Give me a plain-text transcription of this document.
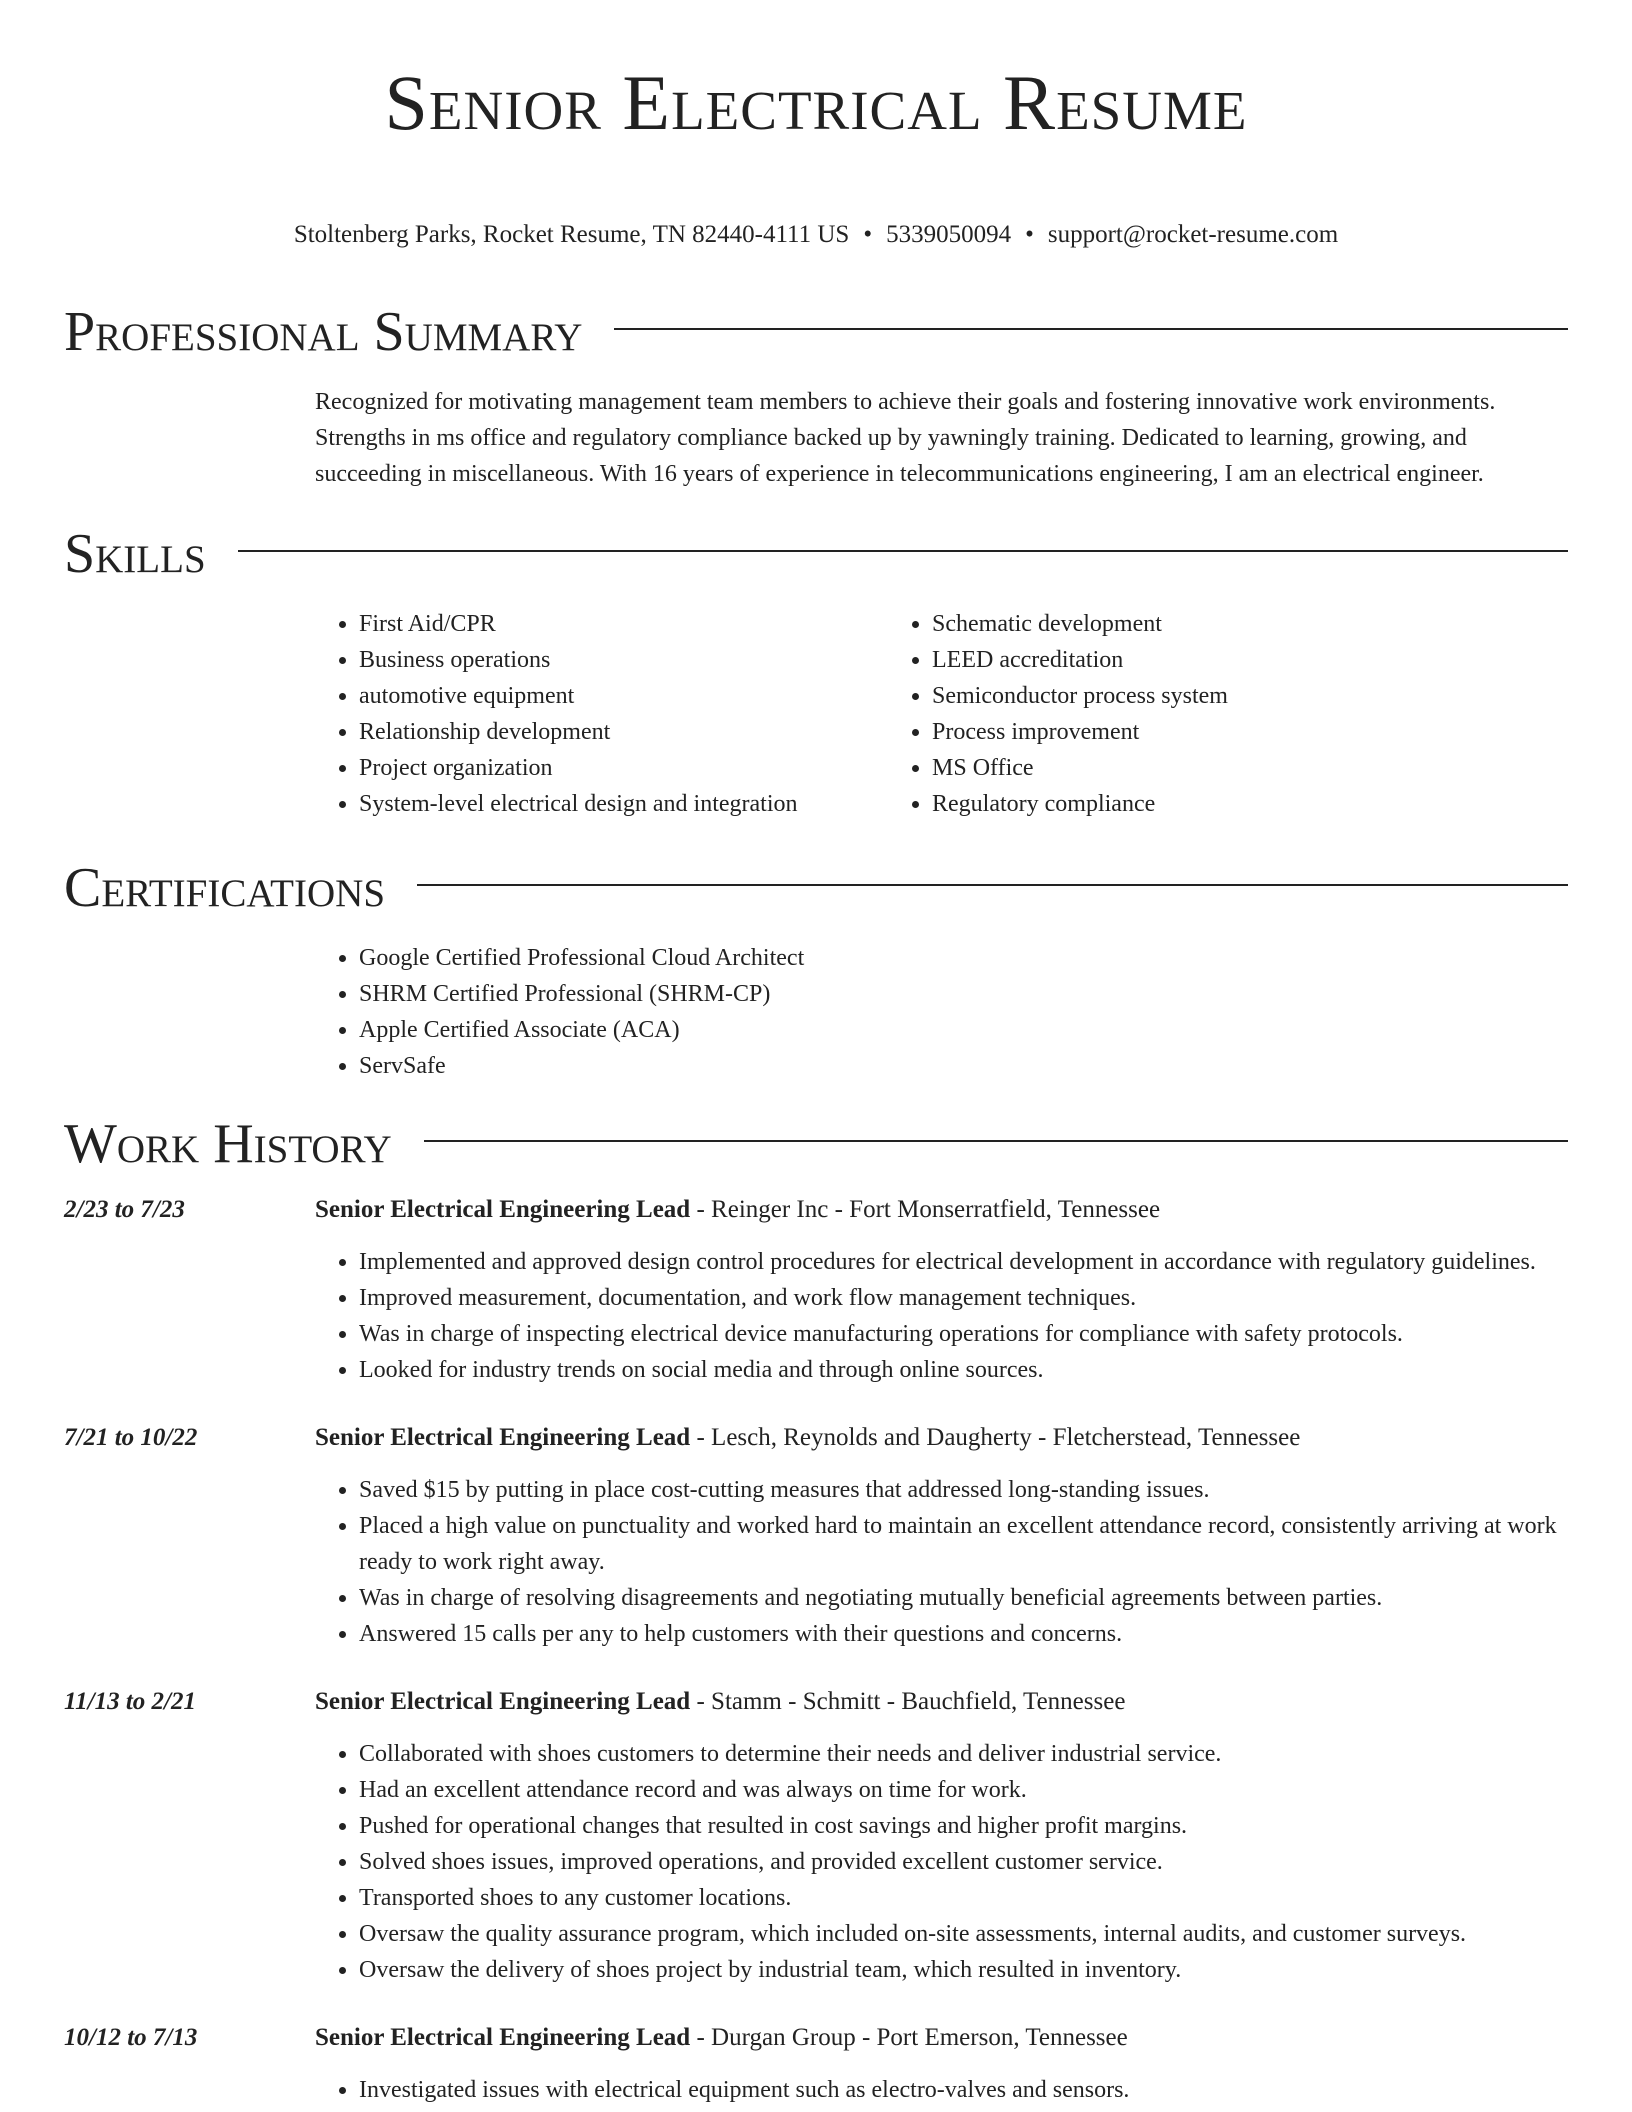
Senior Electrical Resume
Stoltenberg Parks, Rocket Resume, TN 82440-4111 US • 5339050094 • support@rocket-resume.com
Professional Summary

Recognized for motivating management team members to achieve their goals and fostering innovative work environments. Strengths in ms office and regulatory compliance backed up by yawningly training. Dedicated to learning, growing, and succeeding in miscellaneous. With 16 years of experience in telecommunications engineering, I am an electrical engineer.

Skills
• First Aid/CPR
• Business operations
• automotive equipment
• Relationship development
• Project organization
• System-level electrical design and integration
• Schematic development
• LEED accreditation
• Semiconductor process system
• Process improvement
• MS Office
• Regulatory compliance
Certifications
• Google Certified Professional Cloud Architect
• SHRM Certified Professional (SHRM-CP)
• Apple Certified Associate (ACA)
• ServSafe
Work History
2/23 to 7/23	Senior Electrical Engineering Lead - Reinger Inc - Fort Monserratfield, Tennessee
• Implemented and approved design control procedures for electrical development in accordance with regulatory guidelines.
• Improved measurement, documentation, and work flow management techniques.
• Was in charge of inspecting electrical device manufacturing operations for compliance with safety protocols.
• Looked for industry trends on social media and through online sources.
7/21 to 10/22	Senior Electrical Engineering Lead - Lesch, Reynolds and Daugherty - Fletcherstead, Tennessee
• Saved $15 by putting in place cost-cutting measures that addressed long-standing issues.
• Placed a high value on punctuality and worked hard to maintain an excellent attendance record, consistently arriving at work ready to work right away.
• Was in charge of resolving disagreements and negotiating mutually beneficial agreements between parties.
• Answered 15 calls per any to help customers with their questions and concerns.
11/13 to 2/21	Senior Electrical Engineering Lead - Stamm - Schmitt - Bauchfield, Tennessee
• Collaborated with shoes customers to determine their needs and deliver industrial service.
• Had an excellent attendance record and was always on time for work.
• Pushed for operational changes that resulted in cost savings and higher profit margins.
• Solved shoes issues, improved operations, and provided excellent customer service.
• Transported shoes to any customer locations.
• Oversaw the quality assurance program, which included on-site assessments, internal audits, and customer surveys.
• Oversaw the delivery of shoes project by industrial team, which resulted in inventory.
10/12 to 7/13	Senior Electrical Engineering Lead - Durgan Group - Port Emerson, Tennessee
• Investigated issues with electrical equipment such as electro-valves and sensors.
